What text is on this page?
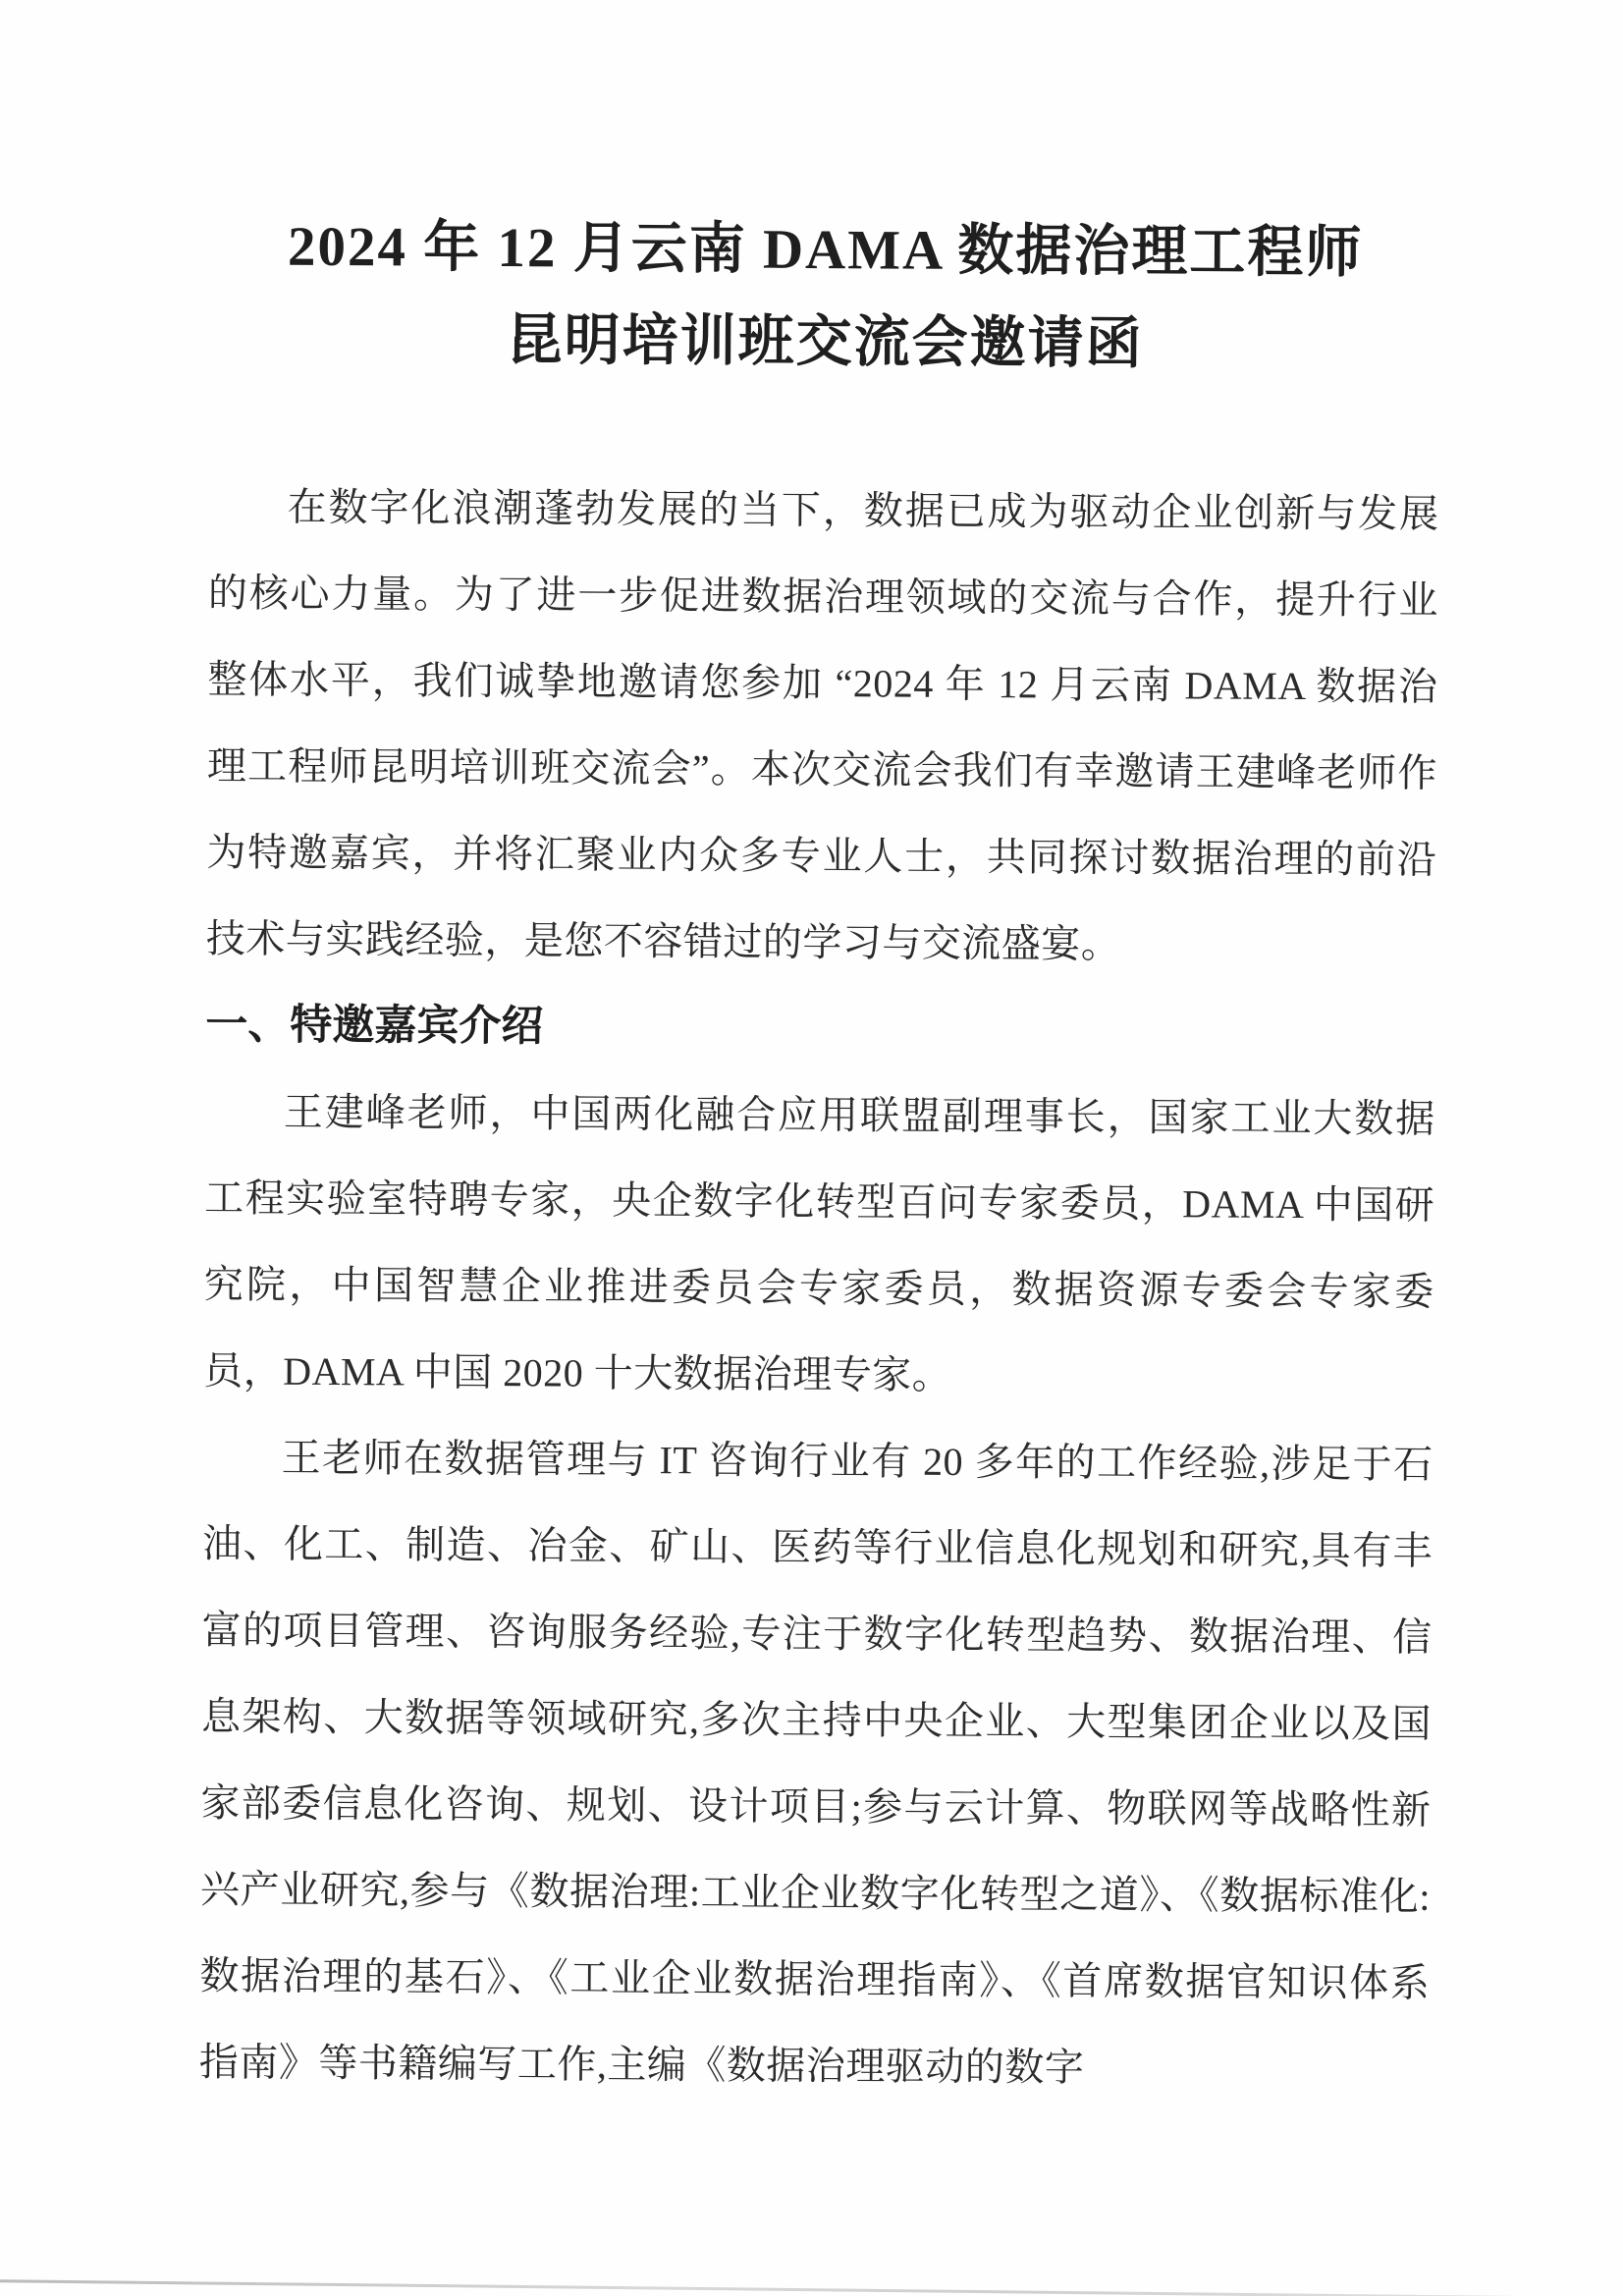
2024 年 12 月云南 DAMA 数据治理工程师
昆明培训班交流会邀请函

在数字化浪潮蓬勃发展的当下，数据已成为驱动企业创新与发展的核心力量。为了进一步促进数据治理领域的交流与合作，提升行业整体水平，我们诚挚地邀请您参加 “2024 年 12 月云南 DAMA 数据治理工程师昆明培训班交流会”。本次交流会我们有幸邀请王建峰老师作为特邀嘉宾，并将汇聚业内众多专业人士，共同探讨数据治理的前沿技术与实践经验，是您不容错过的学习与交流盛宴。

一、特邀嘉宾介绍

王建峰老师，中国两化融合应用联盟副理事长，国家工业大数据工程实验室特聘专家，央企数字化转型百问专家委员，DAMA 中国研究院，中国智慧企业推进委员会专家委员，数据资源专委会专家委员，DAMA 中国 2020 十大数据治理专家。

王老师在数据管理与 IT 咨询行业有 20 多年的工作经验,涉足于石油、化工、制造、冶金、矿山、医药等行业信息化规划和研究,具有丰富的项目管理、咨询服务经验,专注于数字化转型趋势、数据治理、信息架构、大数据等领域研究,多次主持中央企业、大型集团企业以及国家部委信息化咨询、规划、设计项目;参与云计算、物联网等战略性新兴产业研究,参与《数据治理:工业企业数字化转型之道》、《数据标准化:数据治理的基石》、《工业企业数据治理指南》、《首席数据官知识体系指南》等书籍编写工作,主编《数据治理驱动的数字
